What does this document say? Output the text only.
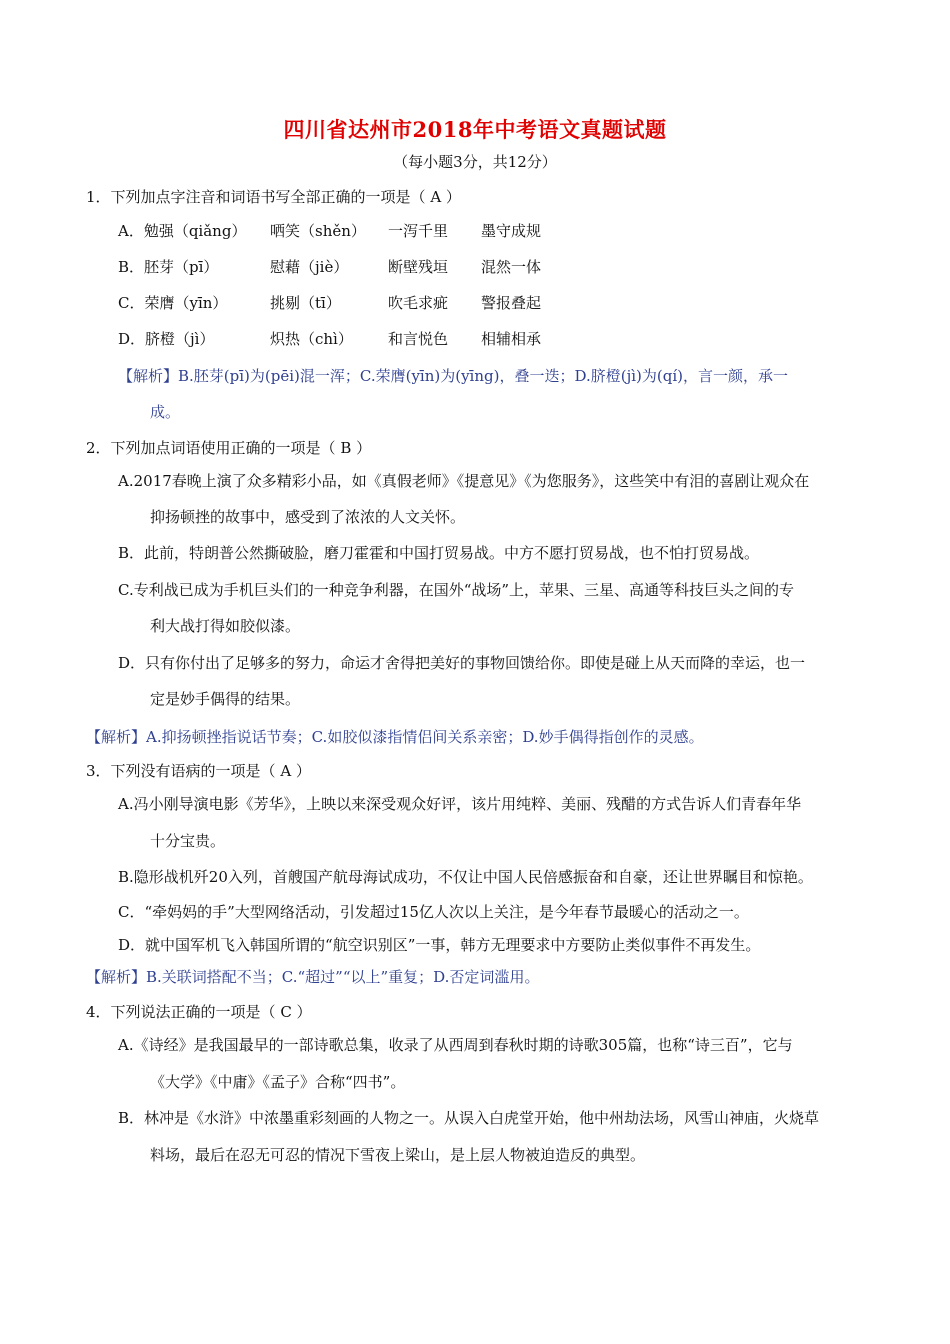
四川省达州市2018年中考语文真题试题
（每小题3分，共12分）
1．下列加点字注音和词语书写全部正确的一项是（ A ）
A．勉强（qiǎng） 哂笑（shěn） 一泻千里 墨守成规
B．胚芽（pī）	慰藉（jiè）	断壁残垣 混然一体
C．荣膺（yīn）	挑剔（tī）	吹毛求疵 警报叠起
D．脐橙（jì）	炽热（chì） 和言悦色 相辅相承
【解析】B.胚芽(pī)为(pēi)混一浑；C.荣膺(yīn)为(yīng)，叠一迭；D.脐橙(jì)为(qí)，言一颜，承一
成。
2．下列加点词语使用正确的一项是（ B ）
A.2017春晚上演了众多精彩小品，如《真假老师》《提意见》《为您服务》，这些笑中有泪的喜剧让观众在
抑扬顿挫的故事中，感受到了浓浓的人文关怀。
B．此前，特朗普公然撕破脸，磨刀霍霍和中国打贸易战。中方不愿打贸易战，也不怕打贸易战。
C.专利战已成为手机巨头们的一种竞争利器，在国外“战场”上，苹果、三星、高通等科技巨头之间的专
利大战打得如胶似漆。
D．只有你付出了足够多的努力，命运才舍得把美好的事物回馈给你。即使是碰上从天而降的幸运，也一
定是妙手偶得的结果。
【解析】A.抑扬顿挫指说话节奏；C.如胶似漆指情侣间关系亲密；D.妙手偶得指创作的灵感。
3．下列没有语病的一项是（ A ）
A.冯小刚导演电影《芳华》，上映以来深受观众好评，该片用纯粹、美丽、残醋的方式告诉人们青春年华
十分宝贵。
B.隐形战机歼20入列，首艘国产航母海试成功，不仅让中国人民倍感振奋和自豪，还让世界瞩目和惊艳。
C．“牵妈妈的手”大型网络活动，引发超过15亿人次以上关注，是今年春节最暖心的活动之一。
D．就中国军机飞入韩国所谓的“航空识别区”一事，韩方无理要求中方要防止类似事件不再发生。
【解析】B.关联词搭配不当；C.“超过”“以上”重复；D.否定词滥用。
4．下列说法正确的一项是（ C ）
A.《诗经》是我国最早的一部诗歌总集，收录了从西周到春秋时期的诗歌305篇，也称“诗三百”，它与
《大学》《中庸》《孟子》合称“四书”。
B．林冲是《水浒》中浓墨重彩刻画的人物之一。从误入白虎堂开始，他中州劫法场，风雪山神庙，火烧草
料场，最后在忍无可忍的情况下雪夜上梁山，是上层人物被迫造反的典型。
